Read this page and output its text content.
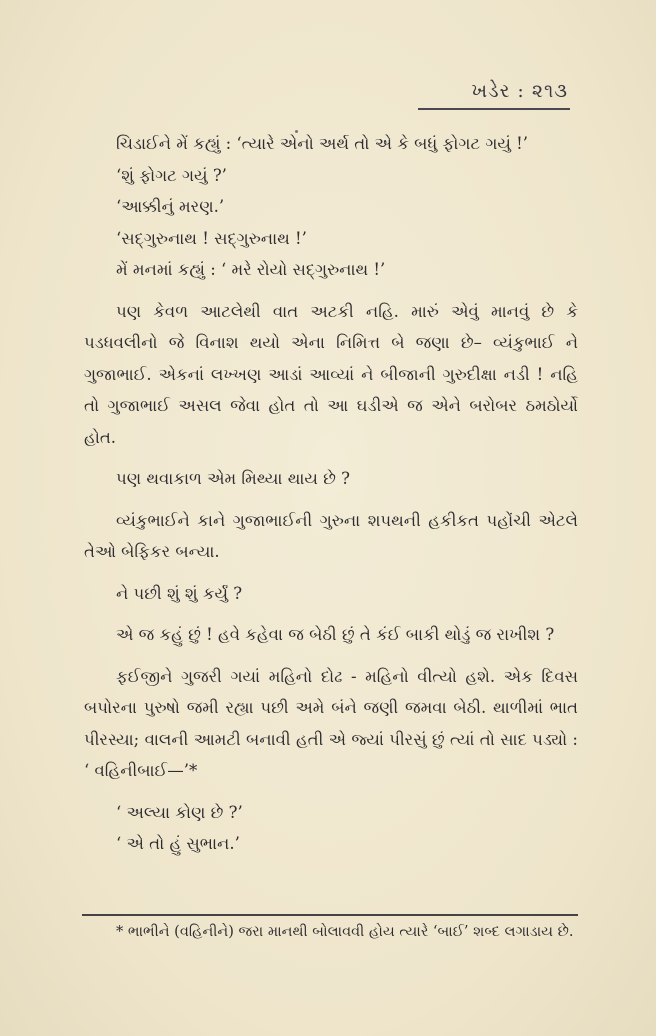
ખડેર : ૨૧૩

ચિડાઈને મેં કહ્યું : ‘ત્યારે એનો અર્થ તો એ કે બધું ફોગટ ગયું !’

‘શું ફોગટ ગયું ?’

‘આક્કીનું મરણ.’

‘સદ્‌ગુરુનાથ ! સદ્‌ગુરુનાથ !’

મેં મનમાં કહ્યું : ‘ મરે રોયો સદ્‌ગુરુનાથ !’

પણ કેવળ આટલેથી વાત અટકી નહિ. મારું એવું માનવું છે કે પડધવલીનો જે વિનાશ થયો એના નિમિત્ત બે જણા છે– વ્યંકુભાઈ ને ગુજાભાઈ. એકનાં લખ્ખણ આડાં આવ્યાં ને બીજાની ગુરુદીક્ષા નડી ! નહિ તો ગુજાભાઈ અસલ જેવા હોત તો આ ઘડીએ જ એને બરોબર ઠમઠોર્યો હોત.

પણ થવાકાળ એમ મિથ્યા થાય છે ?

વ્યંકુભાઈને કાને ગુજાભાઈની ગુરુના શપથની હકીકત પહોંચી એટલે તેઓ બેફિકર બન્યા.

ને પછી શું શું કર્યું ?

એ જ કહું છું ! હવે કહેવા જ બેઠી છું તે કંઈ બાકી થોડું જ રાખીશ ?

ફઈજીને ગુજરી ગયાં મહિનો દોઢ - મહિનો વીત્યો હશે. એક દિવસ બપોરના પુરુષો જમી રહ્યા પછી અમે બંને જણી જમવા બેઠી. થાળીમાં ભાત પીરસ્યા; વાલની આમટી બનાવી હતી એ જ્યાં પીરસું છું ત્યાં તો સાદ પડ્યો : ‘ વહિનીબાઈ—’*

‘ અલ્યા કોણ છે ?’

‘ એ તો હું સુભાન.’

* ભાભીને (વહિનીને) જરા માનથી બોલાવવી હોય ત્યારે ‘બાઈ’ શબ્દ લગાડાય છે.
